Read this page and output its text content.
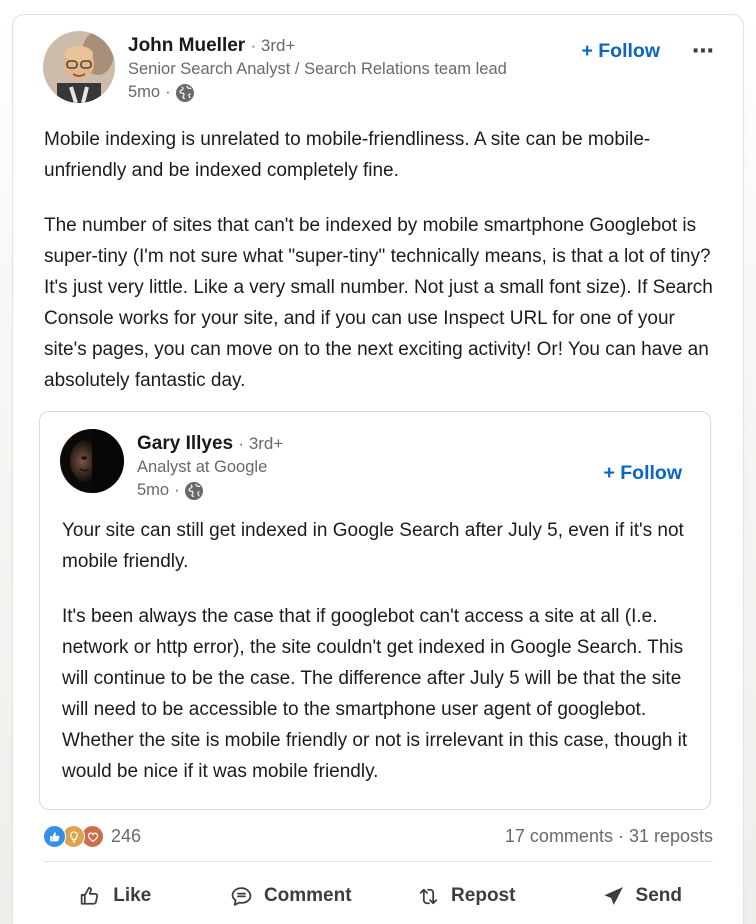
John Mueller · 3rd+
Senior Search Analyst / Search Relations team lead
5mo ·
+ Follow ⋯

Mobile indexing is unrelated to mobile-friendliness. A site can be mobile-unfriendly and be indexed completely fine.

The number of sites that can't be indexed by mobile smartphone Googlebot is super-tiny (I'm not sure what "super-tiny" technically means, is that a lot of tiny? It's just very little. Like a very small number. Not just a small font size). If Search Console works for your site, and if you can use Inspect URL for one of your site's pages, you can move on to the next exciting activity! Or! You can have an absolutely fantastic day.

Gary Illyes · 3rd+
Analyst at Google
5mo ·
+ Follow

Your site can still get indexed in Google Search after July 5, even if it's not mobile friendly.

It's been always the case that if googlebot can't access a site at all (I.e. network or http error), the site couldn't get indexed in Google Search. This will continue to be the case. The difference after July 5 will be that the site will need to be accessible to the smartphone user agent of googlebot. Whether the site is mobile friendly or not is irrelevant in this case, though it would be nice if it was mobile friendly.

246	17 comments · 31 reposts
Like	Comment	Repost	Send
